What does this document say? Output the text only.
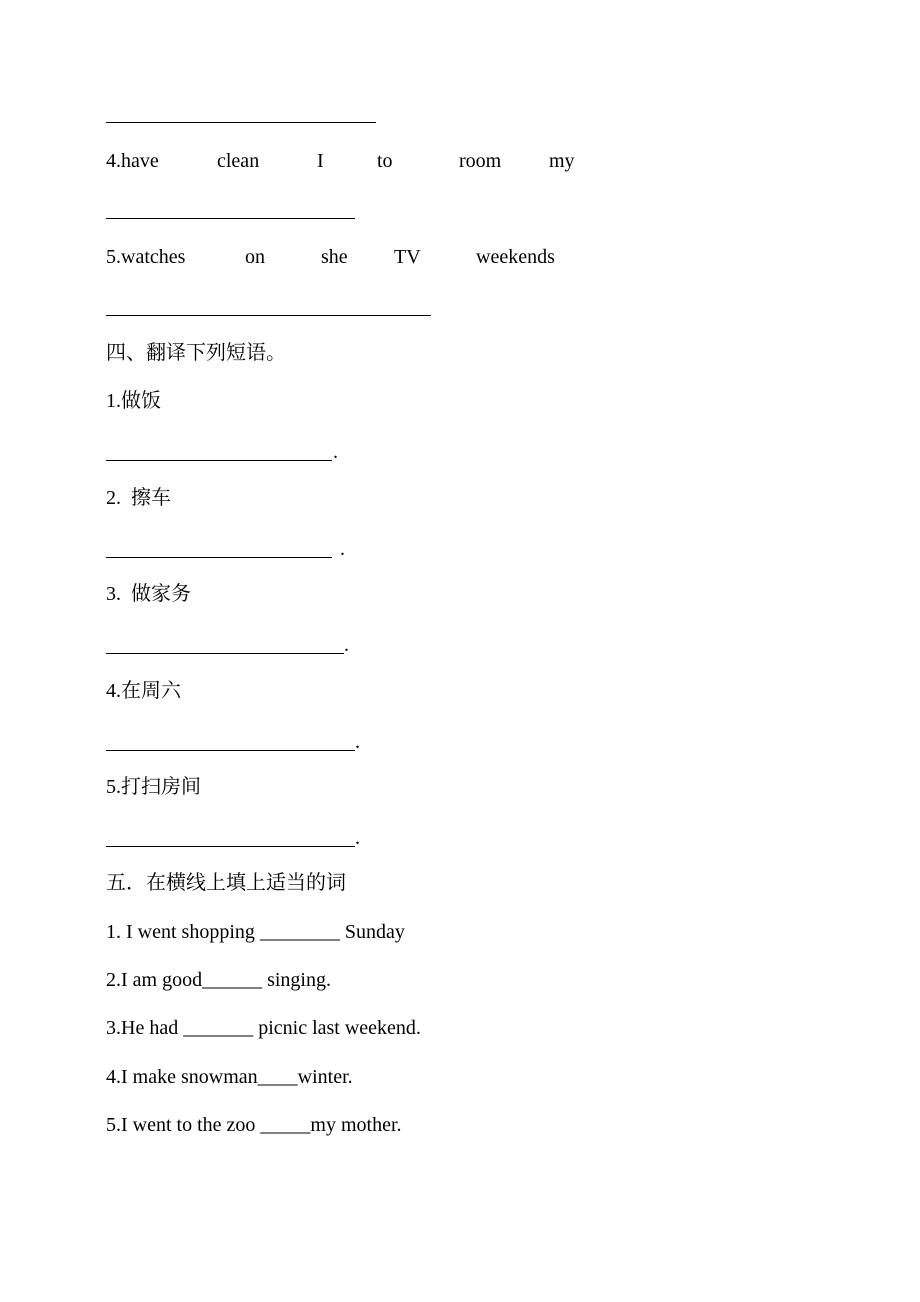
4.have

	clean

	I

	to

	room

my

5.watches

	on

	she

TV

	weekends

四、翻译下列短语。
1.做饭
.
2.  擦车
.
3.  做家务
.
4.在周六
.
5.打扫房间
.
五．在横线上填上适当的词
1. I went shopping ________ Sunday
2.I am good______ singing.
3.He had _______ picnic last weekend.
4.I make snowman____winter.
5.I went to the zoo _____my mother.
